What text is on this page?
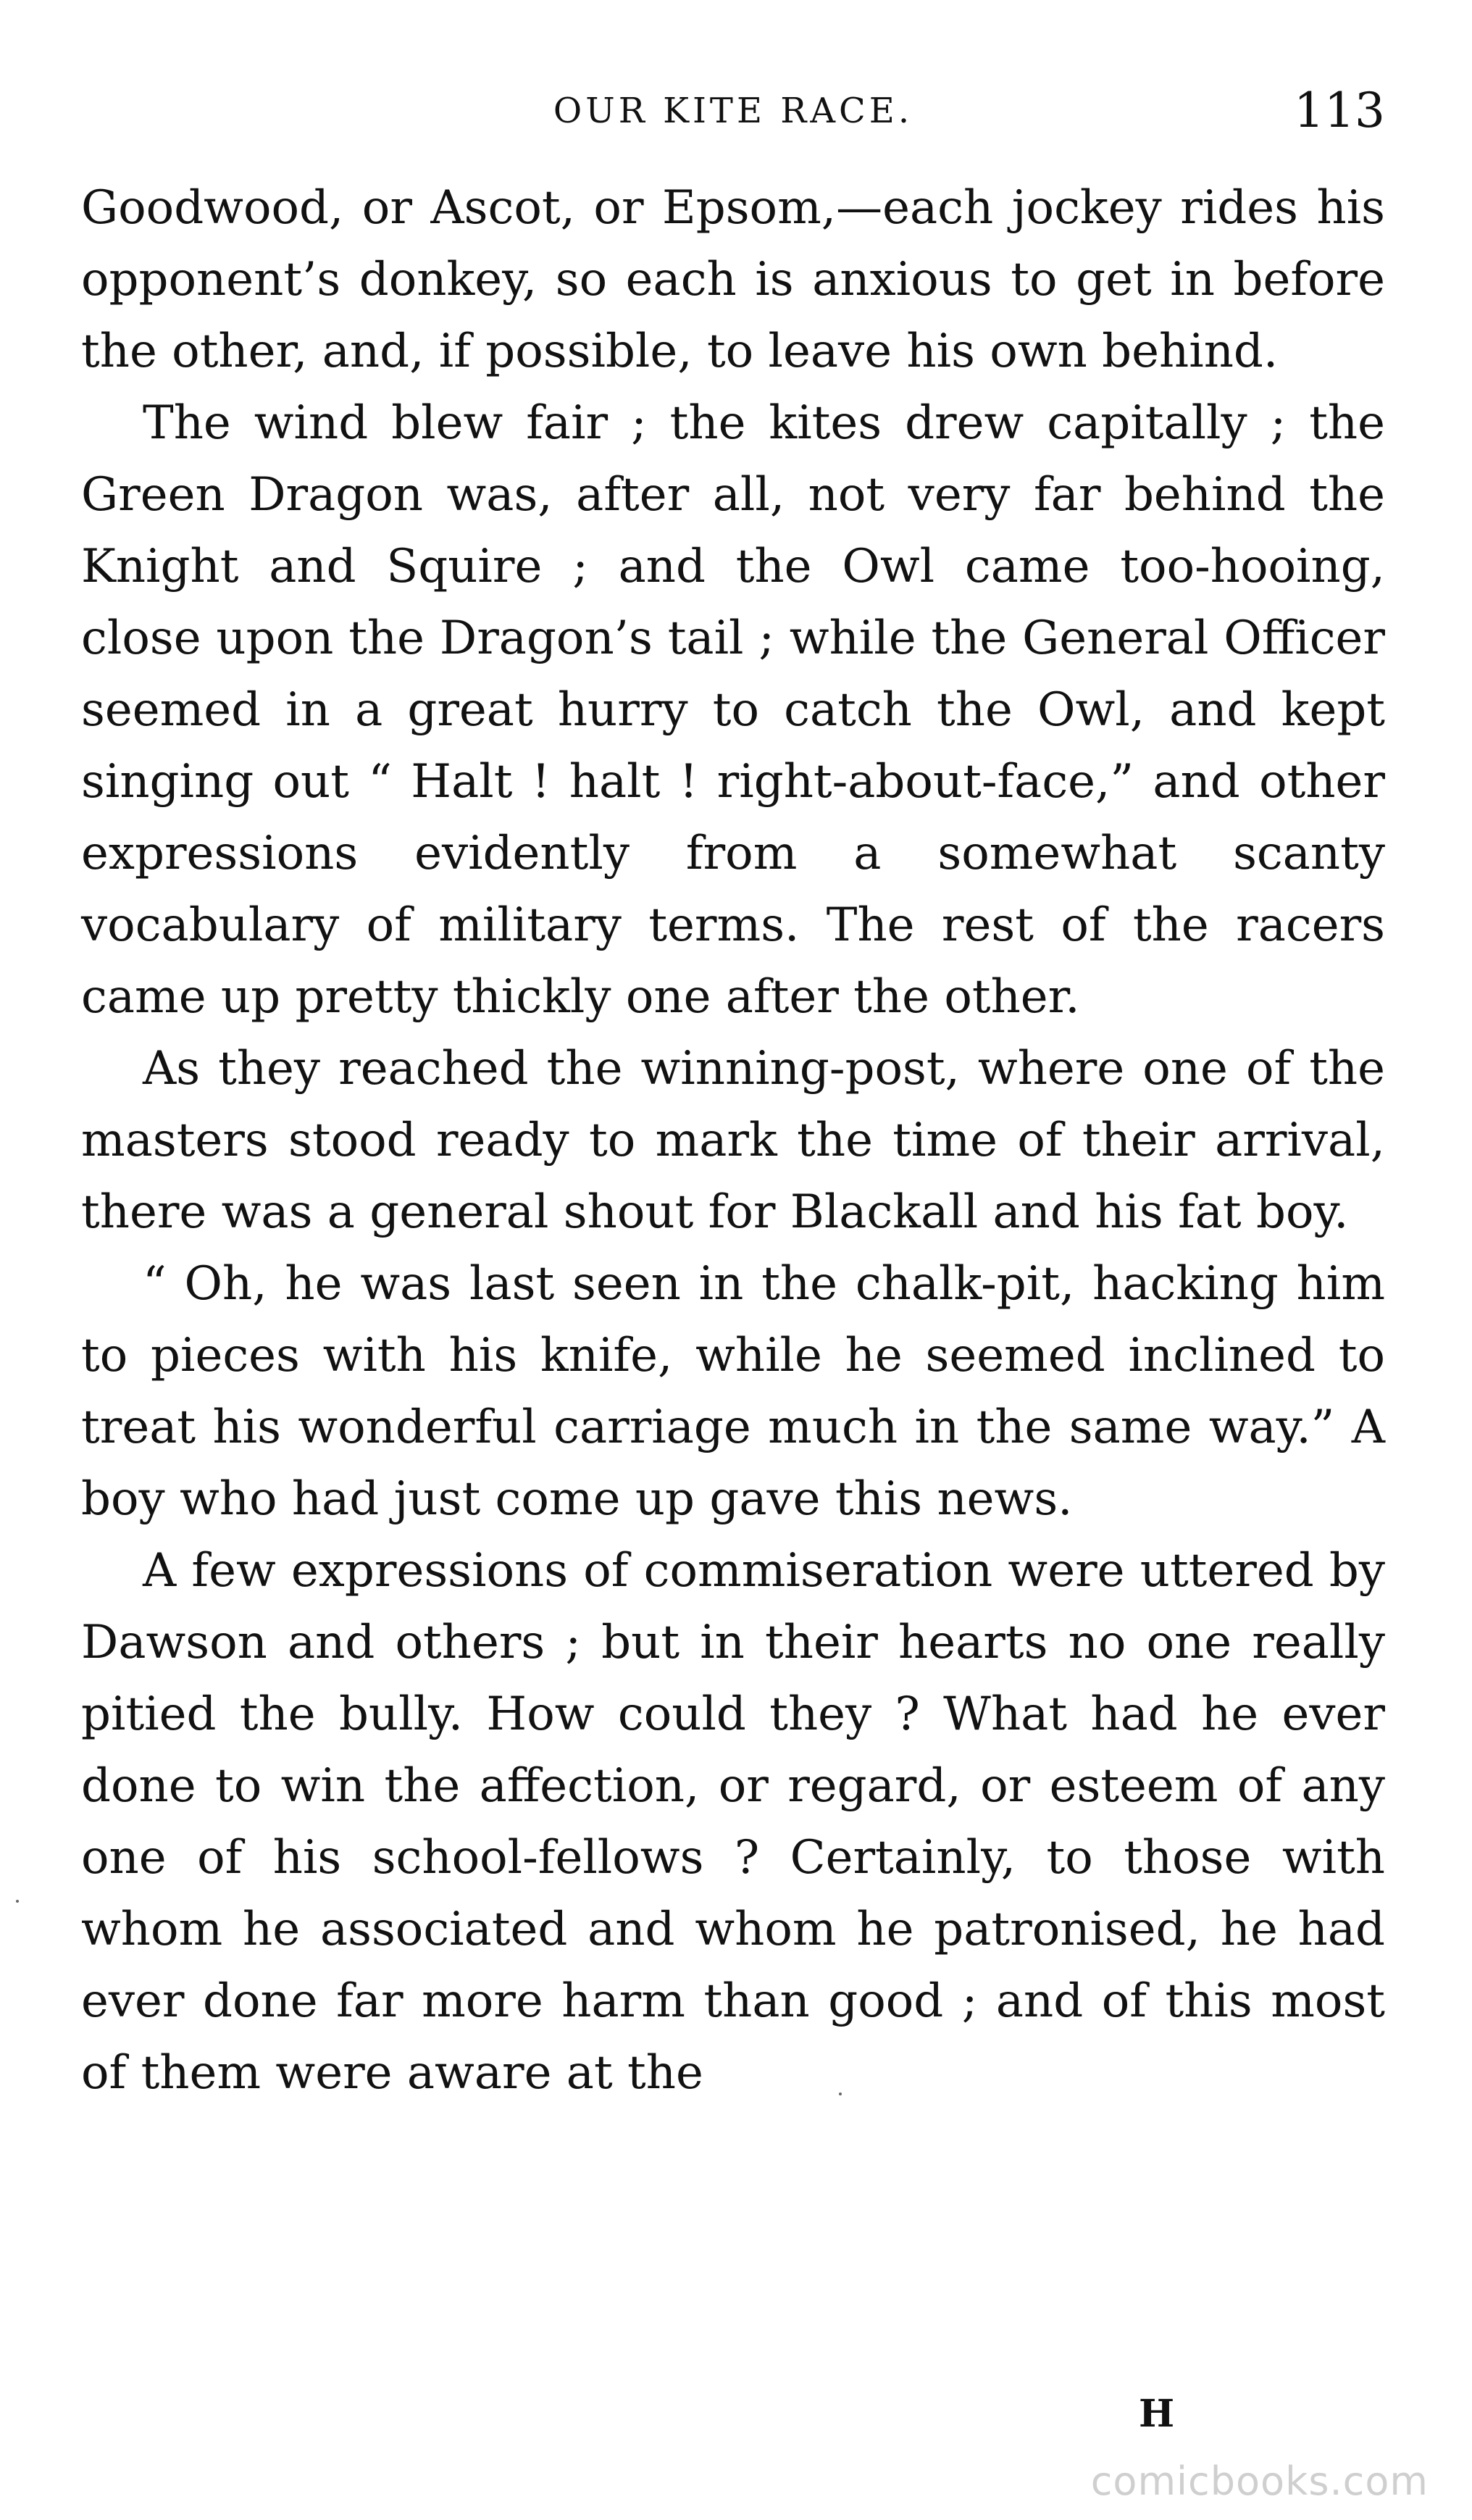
OUR KITE RACE.	113

Goodwood, or Ascot, or Epsom,—each jockey rides his opponent’s donkey, so each is anxious to get in before the other, and, if possible, to leave his own behind.

The wind blew fair ; the kites drew capitally ; the Green Dragon was, after all, not very far behind the Knight and Squire ; and the Owl came too-hooing, close upon the Dragon’s tail ; while the General Officer seemed in a great hurry to catch the Owl, and kept singing out “ Halt ! halt ! right-about-face,” and other expressions evidently from a somewhat scanty vocabulary of military terms. The rest of the racers came up pretty thickly one after the other.

As they reached the winning-post, where one of the masters stood ready to mark the time of their arrival, there was a general shout for Blackall and his fat boy.

“ Oh, he was last seen in the chalk-pit, hacking him to pieces with his knife, while he seemed inclined to treat his wonderful carriage much in the same way.” A boy who had just come up gave this news.

A few expressions of commiseration were uttered by Dawson and others ; but in their hearts no one really pitied the bully. How could they ? What had he ever done to win the affection, or regard, or esteem of any one of his school-fellows ? Certainly, to those with whom he associated and whom he patronised, he had ever done far more harm than good ; and of this most of them were aware at the

H
comicbooks.com
